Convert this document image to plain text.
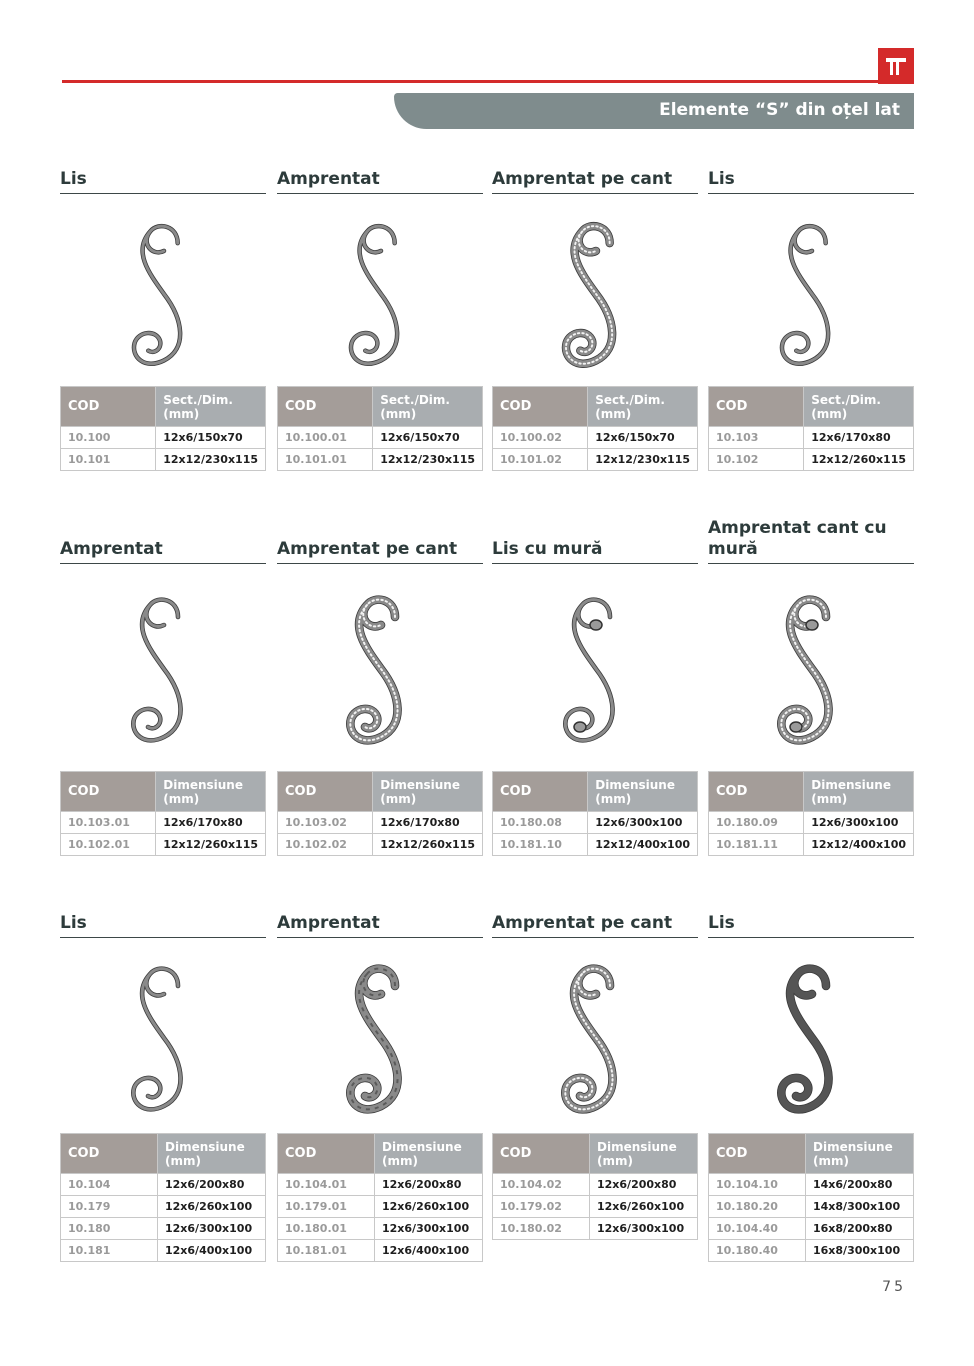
Elemente “S” din oțel lat
Lis
COD	Sect./Dim. (mm)
10.100	12x6/150x70
10.101	12x12/230x115
Amprentat
COD	Sect./Dim. (mm)
10.100.01	12x6/150x70
10.101.01	12x12/230x115
Amprentat pe cant
COD	Sect./Dim. (mm)
10.100.02	12x6/150x70
10.101.02	12x12/230x115
Lis
COD	Sect./Dim. (mm)
10.103	12x6/170x80
10.102	12x12/260x115
Amprentat
COD	Dimensiune (mm)
10.103.01	12x6/170x80
10.102.01	12x12/260x115
Amprentat pe cant
COD	Dimensiune (mm)
10.103.02	12x6/170x80
10.102.02	12x12/260x115
Lis cu mură
COD	Dimensiune (mm)
10.180.08	12x6/300x100
10.181.10	12x12/400x100
Amprentat cant cu mură
COD	Dimensiune (mm)
10.180.09	12x6/300x100
10.181.11	12x12/400x100
Lis
COD	Dimensiune (mm)
10.104	12x6/200x80
10.179	12x6/260x100
10.180	12x6/300x100
10.181	12x6/400x100
Amprentat
COD	Dimensiune (mm)
10.104.01	12x6/200x80
10.179.01	12x6/260x100
10.180.01	12x6/300x100
10.181.01	12x6/400x100
Amprentat pe cant
COD	Dimensiune (mm)
10.104.02	12x6/200x80
10.179.02	12x6/260x100
10.180.02	12x6/300x100
Lis
COD	Dimensiune (mm)
10.104.10	14x6/200x80
10.180.20	14x8/300x100
10.104.40	16x8/200x80
10.180.40	16x8/300x100
75
